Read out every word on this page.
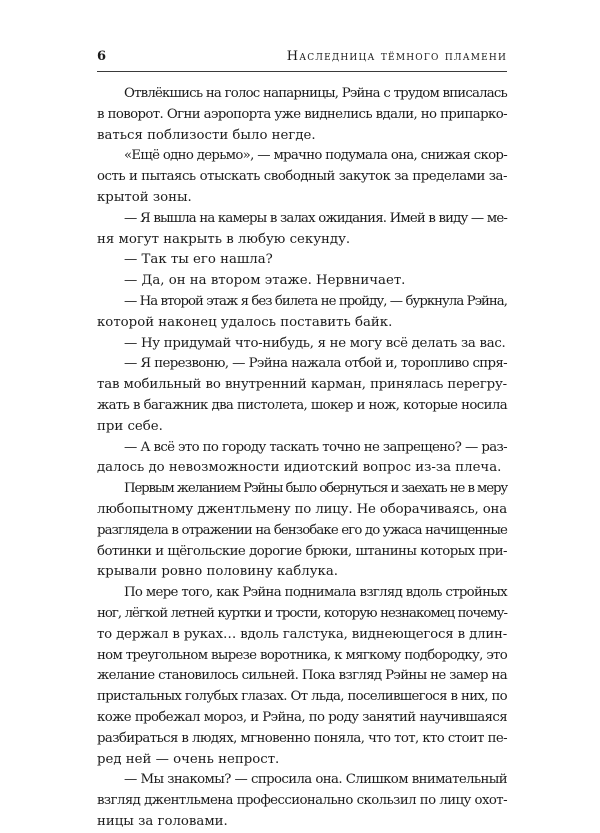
6	Наследница тёмного пламени
Отвлёкшись на голос напарницы, Рэйна с трудом вписалась
в поворот. Огни аэропорта уже виднелись вдали, но припарко-
ваться поблизости было негде.
«Ещё одно дерьмо», — мрачно подумала она, снижая скор-
ость и пытаясь отыскать свободный закуток за пределами за-
крытой зоны.
— Я вышла на камеры в залах ожидания. Имей в виду — ме-
ня могут накрыть в любую секунду.
— Так ты его нашла?
— Да, он на втором этаже. Нервничает.
— На второй этаж я без билета не пройду, — буркнула Рэйна,
которой наконец удалось поставить байк.
— Ну придумай что-нибудь, я не могу всё делать за вас.
— Я перезвоню, — Рэйна нажала отбой и, торопливо спря-
тав мобильный во внутренний карман, принялась перегру-
жать в багажник два пистолета, шокер и нож, которые носила
при себе.
— А всё это по городу таскать точно не запрещено? — раз-
далось до невозможности идиотский вопрос из-за плеча.
Первым желанием Рэйны было обернуться и заехать не в меру
любопытному джентльмену по лицу. Не оборачиваясь, она
разглядела в отражении на бензобаке его до ужаса начищенные
ботинки и щёгольские дорогие брюки, штанины которых при-
крывали ровно половину каблука.
По мере того, как Рэйна поднимала взгляд вдоль стройных
ног, лёгкой летней куртки и трости, которую незнакомец почему-
то держал в руках… вдоль галстука, виднеющегося в длин-
ном треугольном вырезе воротника, к мягкому подбородку, это
желание становилось сильней. Пока взгляд Рэйны не замер на
пристальных голубых глазах. От льда, поселившегося в них, по
коже пробежал мороз, и Рэйна, по роду занятий научившаяся
разбираться в людях, мгновенно поняла, что тот, кто стоит пе-
ред ней — очень непрост.
— Мы знакомы? — спросила она. Слишком внимательный
взгляд джентльмена профессионально скользил по лицу охот-
ницы за головами.
